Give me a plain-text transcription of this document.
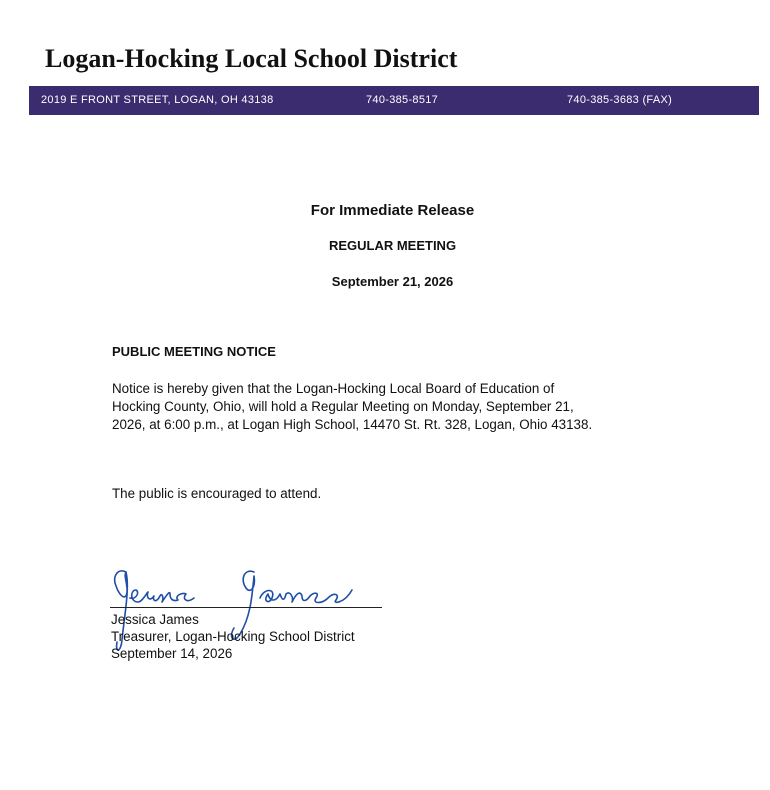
Logan-Hocking Local School District
2019 E FRONT STREET, LOGAN, OH 43138	740-385-8517	740-385-3683 (FAX)
For Immediate Release
REGULAR MEETING
September 21, 2026
PUBLIC MEETING NOTICE
Notice is hereby given that the Logan-Hocking Local Board of Education of
Hocking County, Ohio, will hold a Regular Meeting on Monday, September 21,
2026, at 6:00 p.m., at Logan High School, 14470 St. Rt. 328, Logan, Ohio 43138.
The public is encouraged to attend.
Jessica James
Treasurer, Logan-Hocking School District
September 14, 2026
